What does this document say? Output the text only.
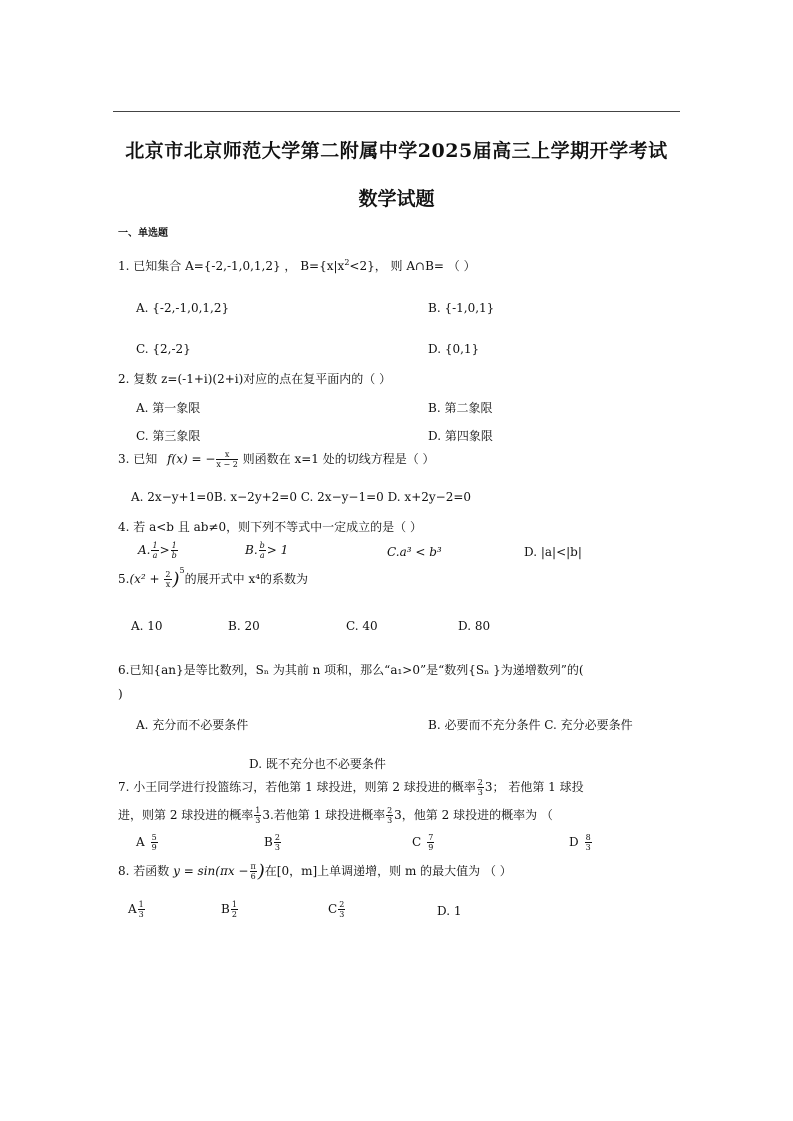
北京市北京师范大学第二附属中学2025届高三上学期开学考试
数学试题
一、单选题
1. 已知集合 A={-2,-1,0,1,2} ， $B=\{x|x^2<2\}$， 则 A∩B= （ ）
A. {-2,-1,0,1,2}	B. {-1,0,1}
C. {2,-2}	D. {0,1}
2. 复数 z=(-1+i)(2+i)对应的点在复平面内的（ ）
A. 第一象限	B. 第二象限
C. 第三象限	D. 第四象限
3. 已知 f(x) = − $\frac{x}{x - 2}$ 则函数在 x=1 处的切线方程是（ ）
A. 2x−y+1=0B. x−2y+2=0 C. 2x−y−1=0 D. x+2y−2=0
4. 若 a<b 且 ab≠0，则下列不等式中一定成立的是（ ）
A. $\frac{1}{a} > \frac{1}{b}$	B. $\frac{b}{a} > 1$	C.a³ < b³	D. |a|<|b|
$5.(x^2 + \frac{2}{x} )^5$的展开式中 x⁴的系数为
A. 10	B. 20	C. 40	D. 80
6.已知{an}是等比数列，Sₙ 为其前 n 项和，那么“a₁>0”是“数列{Sₙ }为递增数列”的(
)
A. 充分而不必要条件	B. 必要而不充分条件 C. 充分必要条件
D. 既不充分也不必要条件
7. 小王同学进行投篮练习，若他第 1 球投进，则第 2 球投进的概率 $\frac{2}{3} 3$； 若他第 1 球投
进，则第 2 球投进的概率 $\frac{1}{3} 3$.若他第 1 球投进概率 $\frac{2}{3} 3$，他第 2 球投进的概率为 （
A $\frac{5}{9}$	B $\frac{2}{3}$	C $\frac{7}{9}$	D $\frac{8}{3}$
8. 若函数 $y = \sin(\pi x - \frac{\pi}{6}$ )在[0，m]上单调递增，则 m 的最大值为 （ ）
A $\frac{1}{3}$	B $\frac{1}{2}$	C $\frac{2}{3}$	D. 1
